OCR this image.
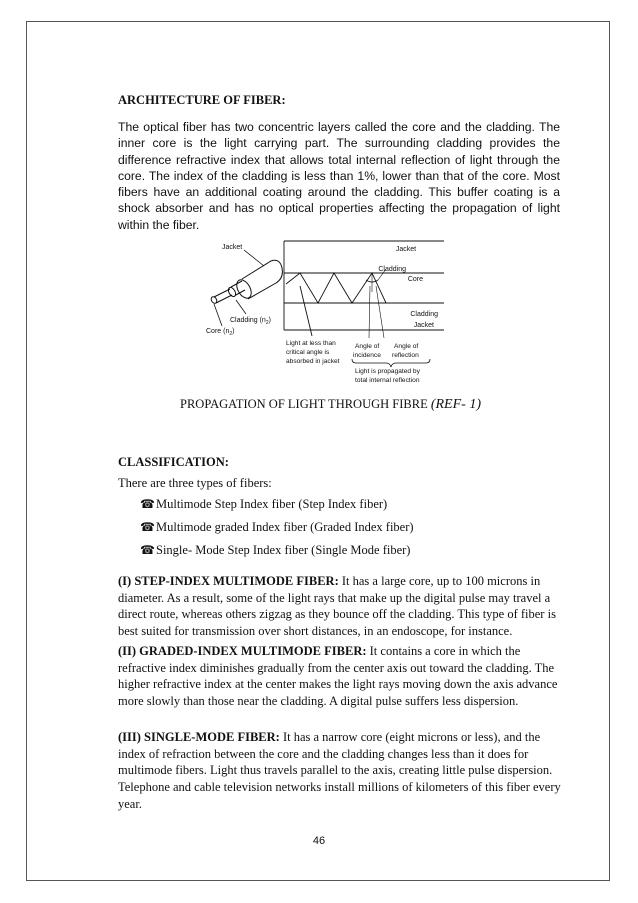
ARCHITECTURE OF FIBER:
The optical fiber has two concentric layers called the core and the cladding. The inner core is the light carrying part. The surrounding cladding provides the difference refractive index that allows total internal reflection of light through the core. The index of the cladding is less than 1%, lower than that of the core. Most fibers have an additional coating around the cladding. This buffer coating is a shock absorber and has no optical properties affecting the propagation of light within the fiber.
Jacket
Cladding $(n_2)$
Core $(n_2)$
Jacket
Cladding
Core
Cladding
Jacket
Light at less than
critical angle is
absorbed in jacket
Angle of
incidence
Angle of
reflection
Light is propagated by
total internal reflection
PROPAGATION OF LIGHT THROUGH FIBRE (REF- 1)
CLASSIFICATION:
There are three types of fibers:
☎Multimode Step Index fiber (Step Index fiber)
☎Multimode graded Index fiber (Graded Index fiber)
☎Single- Mode Step Index fiber (Single Mode fiber)
(I) STEP-INDEX MULTIMODE FIBER: It has a large core, up to 100 microns in diameter. As a result, some of the light rays that make up the digital pulse may travel a direct route, whereas others zigzag as they bounce off the cladding. This type of fiber is best suited for transmission over short distances, in an endoscope, for instance.
(II) GRADED-INDEX MULTIMODE FIBER: It contains a core in which the refractive index diminishes gradually from the center axis out toward the cladding. The higher refractive index at the center makes the light rays moving down the axis advance more slowly than those near the cladding. A digital pulse suffers less dispersion.
(III) SINGLE-MODE FIBER: It has a narrow core (eight microns or less), and the index of refraction between the core and the cladding changes less than it does for multimode fibers. Light thus travels parallel to the axis, creating little pulse dispersion. Telephone and cable television networks install millions of kilometers of this fiber every year.
46
